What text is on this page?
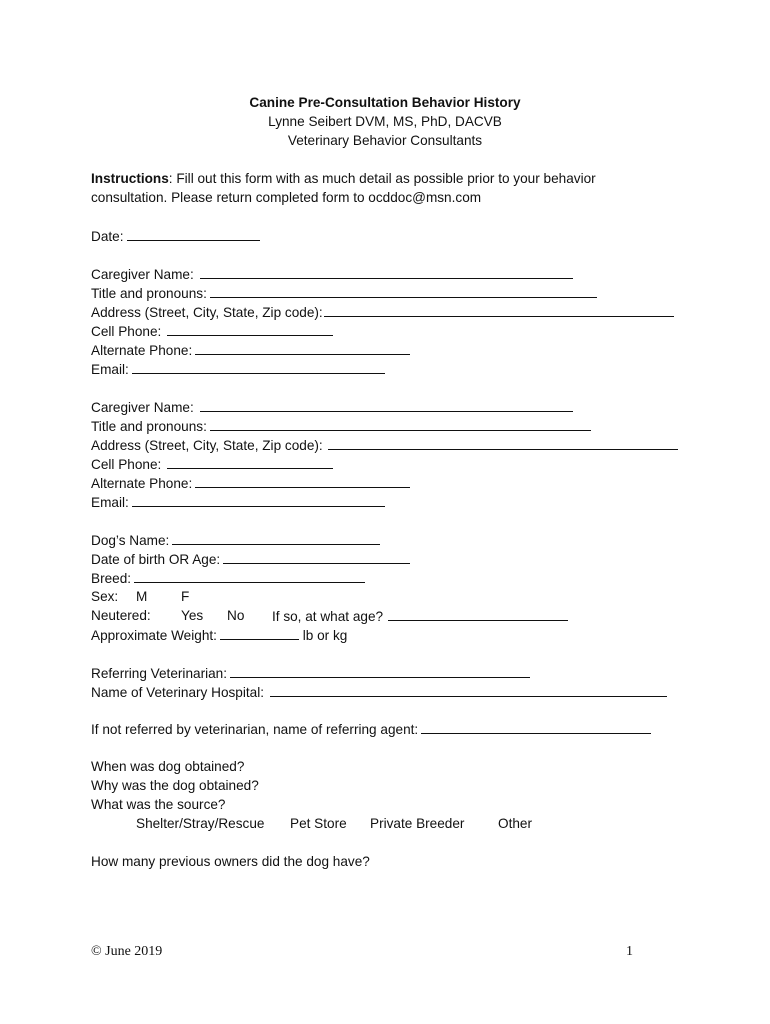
Canine Pre-Consultation Behavior History
Lynne Seibert DVM, MS, PhD, DACVB
Veterinary Behavior Consultants
Instructions: Fill out this form with as much detail as possible prior to your behavior
consultation. Please return completed form to ocddoc@msn.com
Date:
Caregiver Name:
Title and pronouns:
Address (Street, City, State, Zip code):
Cell Phone:
Alternate Phone:
Email:
Caregiver Name:
Title and pronouns:
Address (Street, City, State, Zip code):
Cell Phone:
Alternate Phone:
Email:
Dog’s Name:
Date of birth OR Age:
Breed:
Sex: M F
Neutered: Yes No If so, at what age?
Approximate Weight:	lb or kg
Referring Veterinarian:
Name of Veterinary Hospital:
If not referred by veterinarian, name of referring agent:
When was dog obtained?
Why was the dog obtained?
What was the source?
Shelter/Stray/Rescue Pet Store Private Breeder Other
How many previous owners did the dog have?
© June 2019	1
